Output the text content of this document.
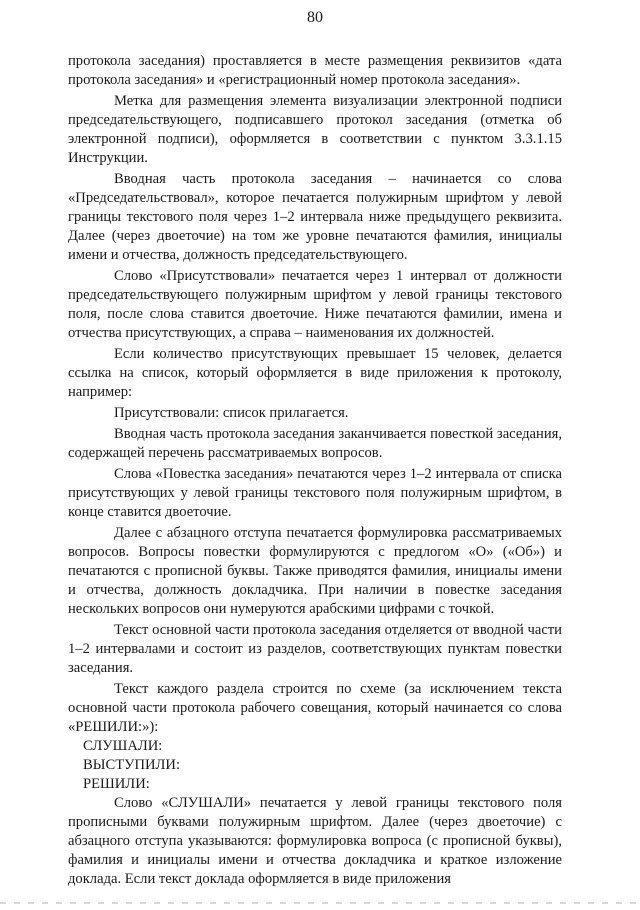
80

протокола заседания) проставляется в месте размещения реквизитов «дата протокола заседания» и «регистрационный номер протокола заседания».

Метка для размещения элемента визуализации электронной подписи председательствующего, подписавшего протокол заседания (отметка об электронной подписи), оформляется в соответствии с пунктом 3.3.1.15 Инструкции.

Вводная часть протокола заседания – начинается со слова «Председательствовал», которое печатается полужирным шрифтом у левой границы текстового поля через 1–2 интервала ниже предыдущего реквизита. Далее (через двоеточие) на том же уровне печатаются фамилия, инициалы имени и отчества, должность председательствующего.

Слово «Присутствовали» печатается через 1 интервал от должности председательствующего полужирным шрифтом у левой границы текстового поля, после слова ставится двоеточие. Ниже печатаются фамилии, имена и отчества присутствующих, а справа – наименования их должностей.

Если количество присутствующих превышает 15 человек, делается ссылка на список, который оформляется в виде приложения к протоколу, например:

Присутствовали: список прилагается.

Вводная часть протокола заседания заканчивается повесткой заседания, содержащей перечень рассматриваемых вопросов.

Слова «Повестка заседания» печатаются через 1–2 интервала от списка присутствующих у левой границы текстового поля полужирным шрифтом, в конце ставится двоеточие.

Далее с абзацного отступа печатается формулировка рассматриваемых вопросов. Вопросы повестки формулируются с предлогом «О» («Об») и печатаются с прописной буквы. Также приводятся фамилия, инициалы имени и отчества, должность докладчика. При наличии в повестке заседания нескольких вопросов они нумеруются арабскими цифрами с точкой.

Текст основной части протокола заседания отделяется от вводной части 1–2 интервалами и состоит из разделов, соответствующих пунктам повестки заседания.

Текст каждого раздела строится по схеме (за исключением текста основной части протокола рабочего совещания, который начинается со слова «РЕШИЛИ:»):

СЛУШАЛИ:

ВЫСТУПИЛИ:

РЕШИЛИ:

Слово «СЛУШАЛИ» печатается у левой границы текстового поля прописными буквами полужирным шрифтом. Далее (через двоеточие) с абзацного отступа указываются: формулировка вопроса (с прописной буквы), фамилия и инициалы имени и отчества докладчика и краткое изложение доклада. Если текст доклада оформляется в виде приложения
